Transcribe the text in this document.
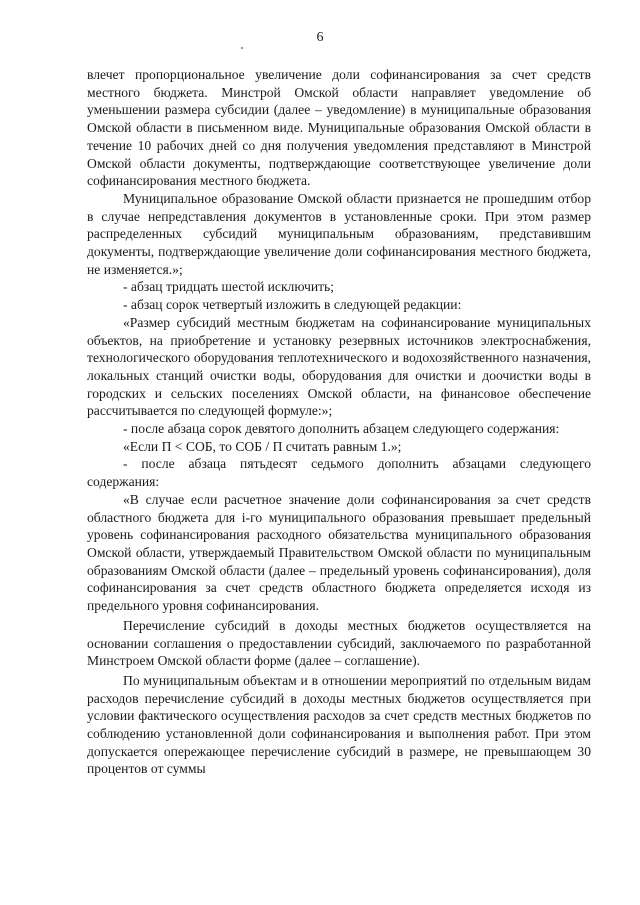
6

влечет пропорциональное увеличение доли софинансирования за счет средств местного бюджета. Минстрой Омской области направляет уведомление об уменьшении размера субсидии (далее – уведомление) в муниципальные образования Омской области в письменном виде. Муниципальные образования Омской области в течение 10 рабочих дней со дня получения уведомления представляют в Минстрой Омской области документы, подтверждающие соответствующее увеличение доли софинансирования местного бюджета.

Муниципальное образование Омской области признается не прошедшим отбор в случае непредставления документов в установленные сроки. При этом размер распределенных субсидий муниципальным образованиям, представившим документы, подтверждающие увеличение доли софинансирования местного бюджета, не изменяется.»;

- абзац тридцать шестой исключить;

- абзац сорок четвертый изложить в следующей редакции:

«Размер субсидий местным бюджетам на софинансирование муниципальных объектов, на приобретение и установку резервных источников электроснабжения, технологического оборудования теплотехнического и водохозяйственного назначения, локальных станций очистки воды, оборудования для очистки и доочистки воды в городских и сельских поселениях Омской области, на финансовое обеспечение рассчитывается по следующей формуле:»;

- после абзаца сорок девятого дополнить абзацем следующего содержания:

«Если П < СОБ, то СОБ / П считать равным 1.»;

- после абзаца пятьдесят седьмого дополнить абзацами следующего содержания:

«В случае если расчетное значение доли софинансирования за счет средств областного бюджета для i-го муниципального образования превышает предельный уровень софинансирования расходного обязательства муниципального образования Омской области, утверждаемый Правительством Омской области по муниципальным образованиям Омской области (далее – предельный уровень софинансирования), доля софинансирования за счет средств областного бюджета определяется исходя из предельного уровня софинансирования.

Перечисление субсидий в доходы местных бюджетов осуществляется на основании соглашения о предоставлении субсидий, заключаемого по разработанной Минстроем Омской области форме (далее – соглашение).

По муниципальным объектам и в отношении мероприятий по отдельным видам расходов перечисление субсидий в доходы местных бюджетов осуществляется при условии фактического осуществления расходов за счет средств местных бюджетов по соблюдению установленной доли софинансирования и выполнения работ. При этом допускается опережающее перечисление субсидий в размере, не превышающем 30 процентов от суммы
